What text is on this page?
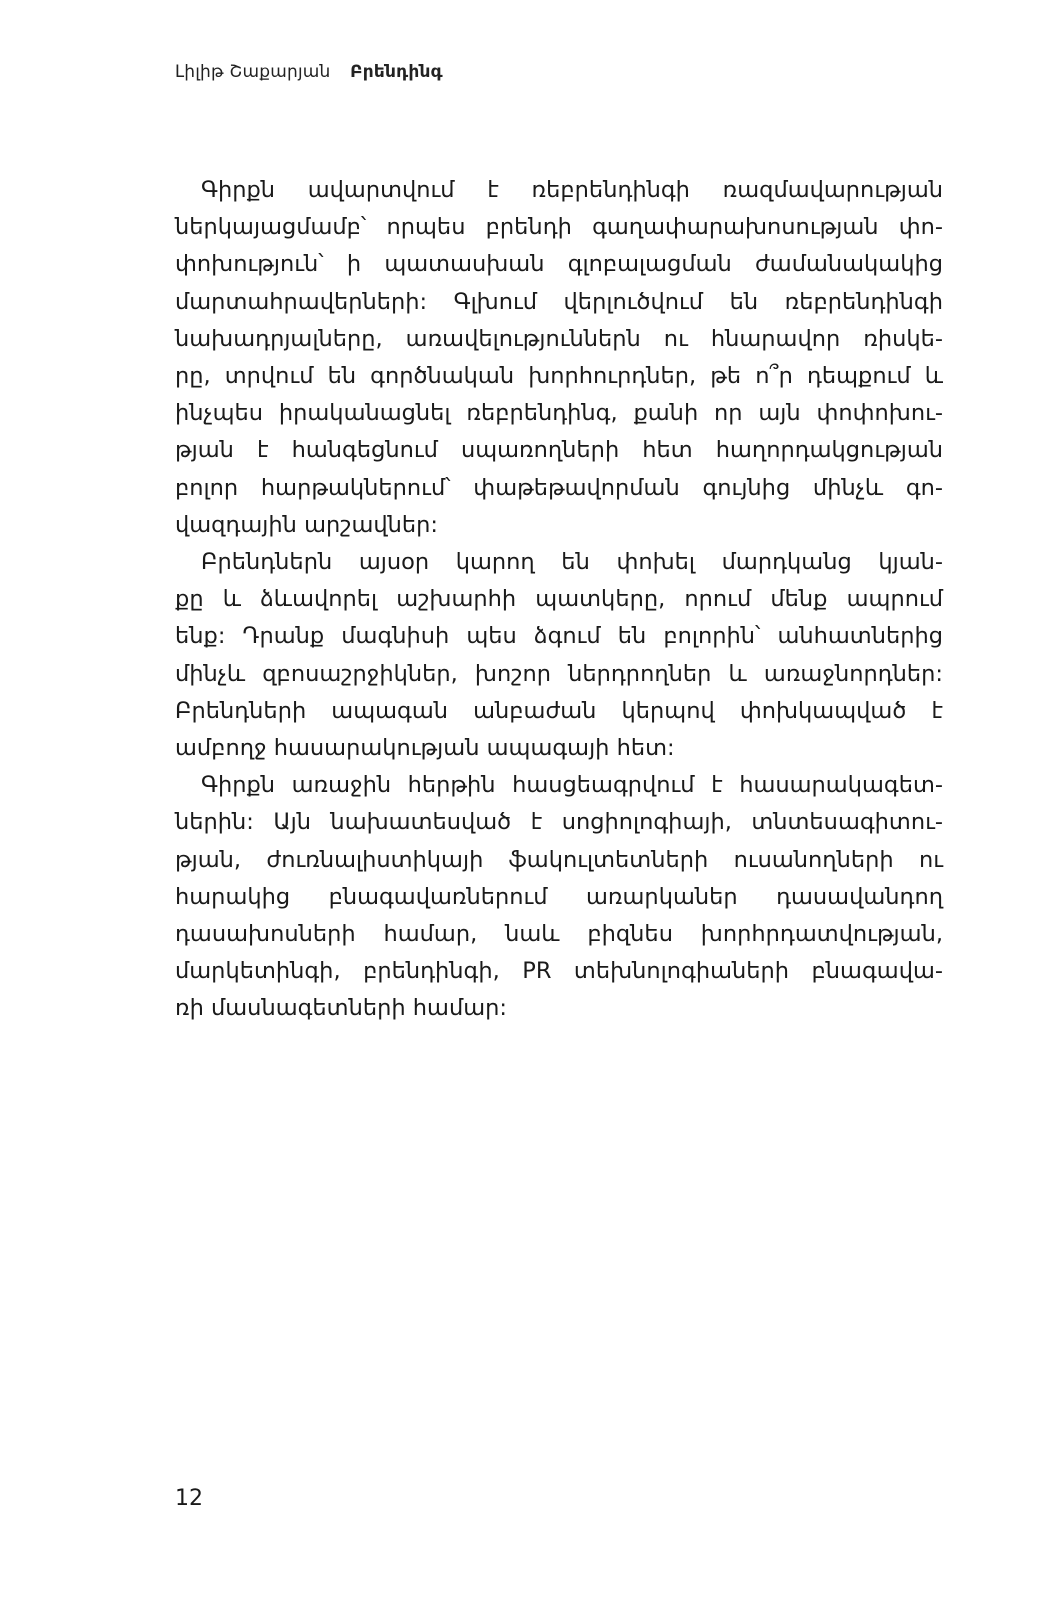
Լիլիթ Շաքարյան Բրենդինգ
Գիրքն ավարտվում է ռեբրենդինգի ռազմավարության
ներկայացմամբ՝ որպես բրենդի գաղափարախոսության փո-
փոխություն՝ ի պատասխան գլոբալացման ժամանակակից
մարտահրավերների: Գլխում վերլուծվում են ռեբրենդինգի
նախադրյալները, առավելություններն ու հնարավոր ռիսկե-
րը, տրվում են գործնական խորհուրդներ, թե ո՞ր դեպքում և
ինչպես իրականացնել ռեբրենդինգ, քանի որ այն փոփոխու-
թյան է հանգեցնում սպառողների հետ հաղորդակցության
բոլոր հարթակներում՝ փաթեթավորման գույնից մինչև գո-
վազդային արշավներ:
Բրենդներն այսօր կարող են փոխել մարդկանց կյան-
քը և ձևավորել աշխարհի պատկերը, որում մենք ապրում
ենք: Դրանք մագնիսի պես ձգում են բոլորին՝ անհատներից
մինչև զբոսաշրջիկներ, խոշոր ներդրողներ և առաջնորդներ:
Բրենդների ապագան անբաժան կերպով փոխկապված է
ամբողջ հասարակության ապագայի հետ:
Գիրքն առաջին հերթին հասցեագրվում է հասարակագետ-
ներին: Այն նախատեսված է սոցիոլոգիայի, տնտեսագիտու-
թյան, ժուռնալիստիկայի ֆակուլտետների ուսանողների ու
հարակից բնագավառներում առարկաներ դասավանդող
դասախոսների համար, նաև բիզնես խորհրդատվության,
մարկետինգի, բրենդինգի, PR տեխնոլոգիաների բնագավա-
ռի մասնագետների համար:
12
